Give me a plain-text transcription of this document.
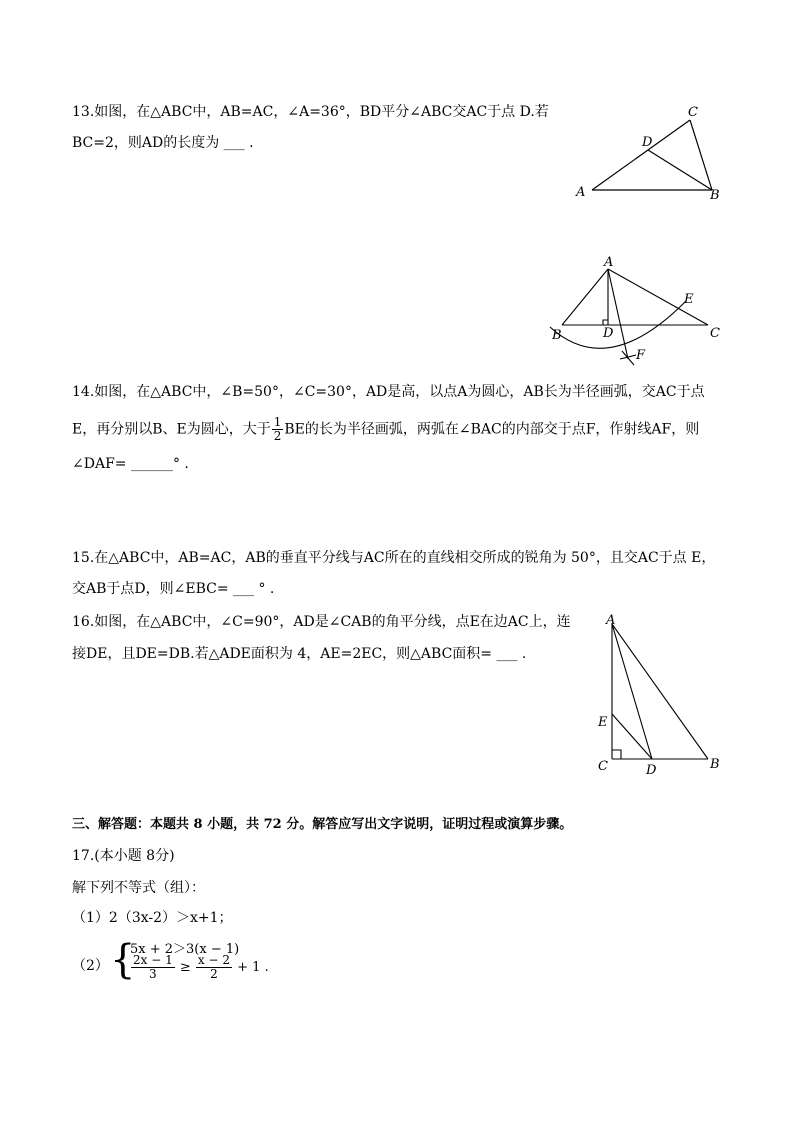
13.如图，在△ABC中，AB=AC，∠A=36°，BD平分∠ABC交AC于点 D.若
BC=2，则AD的长度为 ___ .
A	B
C
D
A
B	C
D
E
F
14.如图，在△ABC中，∠B=50°，∠C=30°，AD是高，以点A为圆心，AB长为半径画弧，交AC于点
E，再分别以B、E为圆心，大于 $\frac{1}{2}$ BE的长为半径画弧，两弧在∠BAC的内部交于点F，作射线AF，则
∠DAF= ______° .
15.在△ABC中，AB=AC，AB的垂直平分线与AC所在的直线相交所成的锐角为 50°，且交AC于点 E，
交AB于点D，则∠EBC= ___ ° .
16.如图，在△ABC中，∠C=90°，AD是∠CAB的角平分线，点E在边AC上，连
接DE，且DE=DB.若△ADE面积为 4，AE=2EC，则△ABC面积= ___ .
A
B
C	D
E
三、解答题：本题共 8 小题，共 72 分。解答应写出文字说明，证明过程或演算步骤。
17.(本小题 8分)
解下列不等式（组）：
（1）2（3x-2）＞x+1；
（2） {
5x + 2＞3(x − 1)
$\frac{2x - 1}{3} \ge \frac{x - 2}{2} + 1$ .
